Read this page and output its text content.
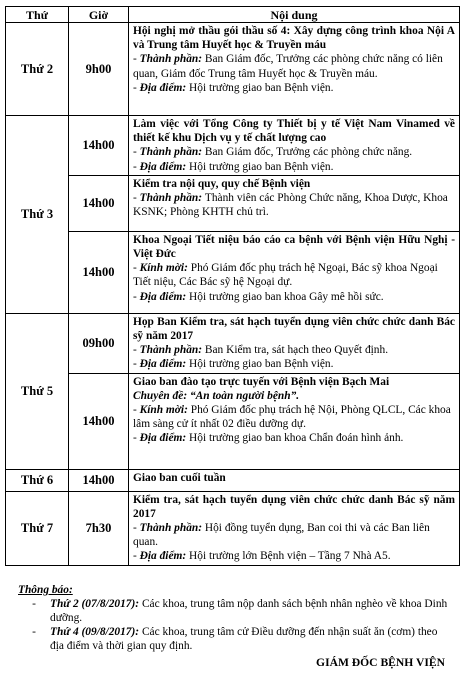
Thứ	Giờ	Nội dung
Thứ 2	9h00	Hội nghị mở thầu gói thầu số 4: Xây dựng công trình khoa Nội A và Trung tâm Huyết học & Truyền máu
- Thành phần: Ban Giám đốc, Trưởng các phòng chức năng có liên quan, Giám đốc Trung tâm Huyết học & Truyền máu.
- Địa điểm: Hội trường giao ban Bệnh viện.

Thứ 3	14h00	Làm việc với Tổng Công ty Thiết bị y tế Việt Nam Vinamed về thiết kế khu Dịch vụ y tế chất lượng cao
- Thành phần: Ban Giám đốc, Trưởng các phòng chức năng.
- Địa điểm: Hội trường giao ban Bệnh viện.

	14h00	Kiểm tra nội quy, quy chế Bệnh viện
- Thành phần: Thành viên các Phòng Chức năng, Khoa Dược, Khoa KSNK; Phòng KHTH chủ trì.

	14h00	Khoa Ngoại Tiết niệu báo cáo ca bệnh với Bệnh viện Hữu Nghị - Việt Đức
- Kính mời: Phó Giám đốc phụ trách hệ Ngoại, Bác sỹ khoa Ngoại Tiết niệu, Các Bác sỹ hệ Ngoại dự.
- Địa điểm: Hội trường giao ban khoa Gây mê hồi sức.

Thứ 5	09h00	Họp Ban Kiểm tra, sát hạch tuyển dụng viên chức chức danh Bác sỹ năm 2017
- Thành phần: Ban Kiểm tra, sát hạch theo Quyết định.
- Địa điểm: Hội trường giao ban Bệnh viện.

	14h00	Giao ban đào tạo trực tuyến với Bệnh viện Bạch Mai
Chuyên đề: “An toàn người bệnh”.
- Kính mời: Phó Giám đốc phụ trách hệ Nội, Phòng QLCL, Các khoa lâm sàng cử ít nhất 02 điều dưỡng dự.
- Địa điểm: Hội trường giao ban khoa Chẩn đoán hình ảnh.

Thứ 6	14h00	Giao ban cuối tuần

Thứ 7	7h30	Kiểm tra, sát hạch tuyển dụng viên chức chức danh Bác sỹ năm 2017
- Thành phần: Hội đồng tuyển dụng, Ban coi thi và các Ban liên quan.
- Địa điểm: Hội trường lớn Bệnh viện – Tầng 7 Nhà A5.
Thông báo:
-	Thứ 2 (07/8/2017): Các khoa, trung tâm nộp danh sách bệnh nhân nghèo về khoa Dinh dưỡng.
-	Thứ 4 (09/8/2017): Các khoa, trung tâm cử Điều dưỡng đến nhận suất ăn (cơm) theo địa điểm và thời gian quy định.
GIÁM ĐỐC BỆNH VIỆN
